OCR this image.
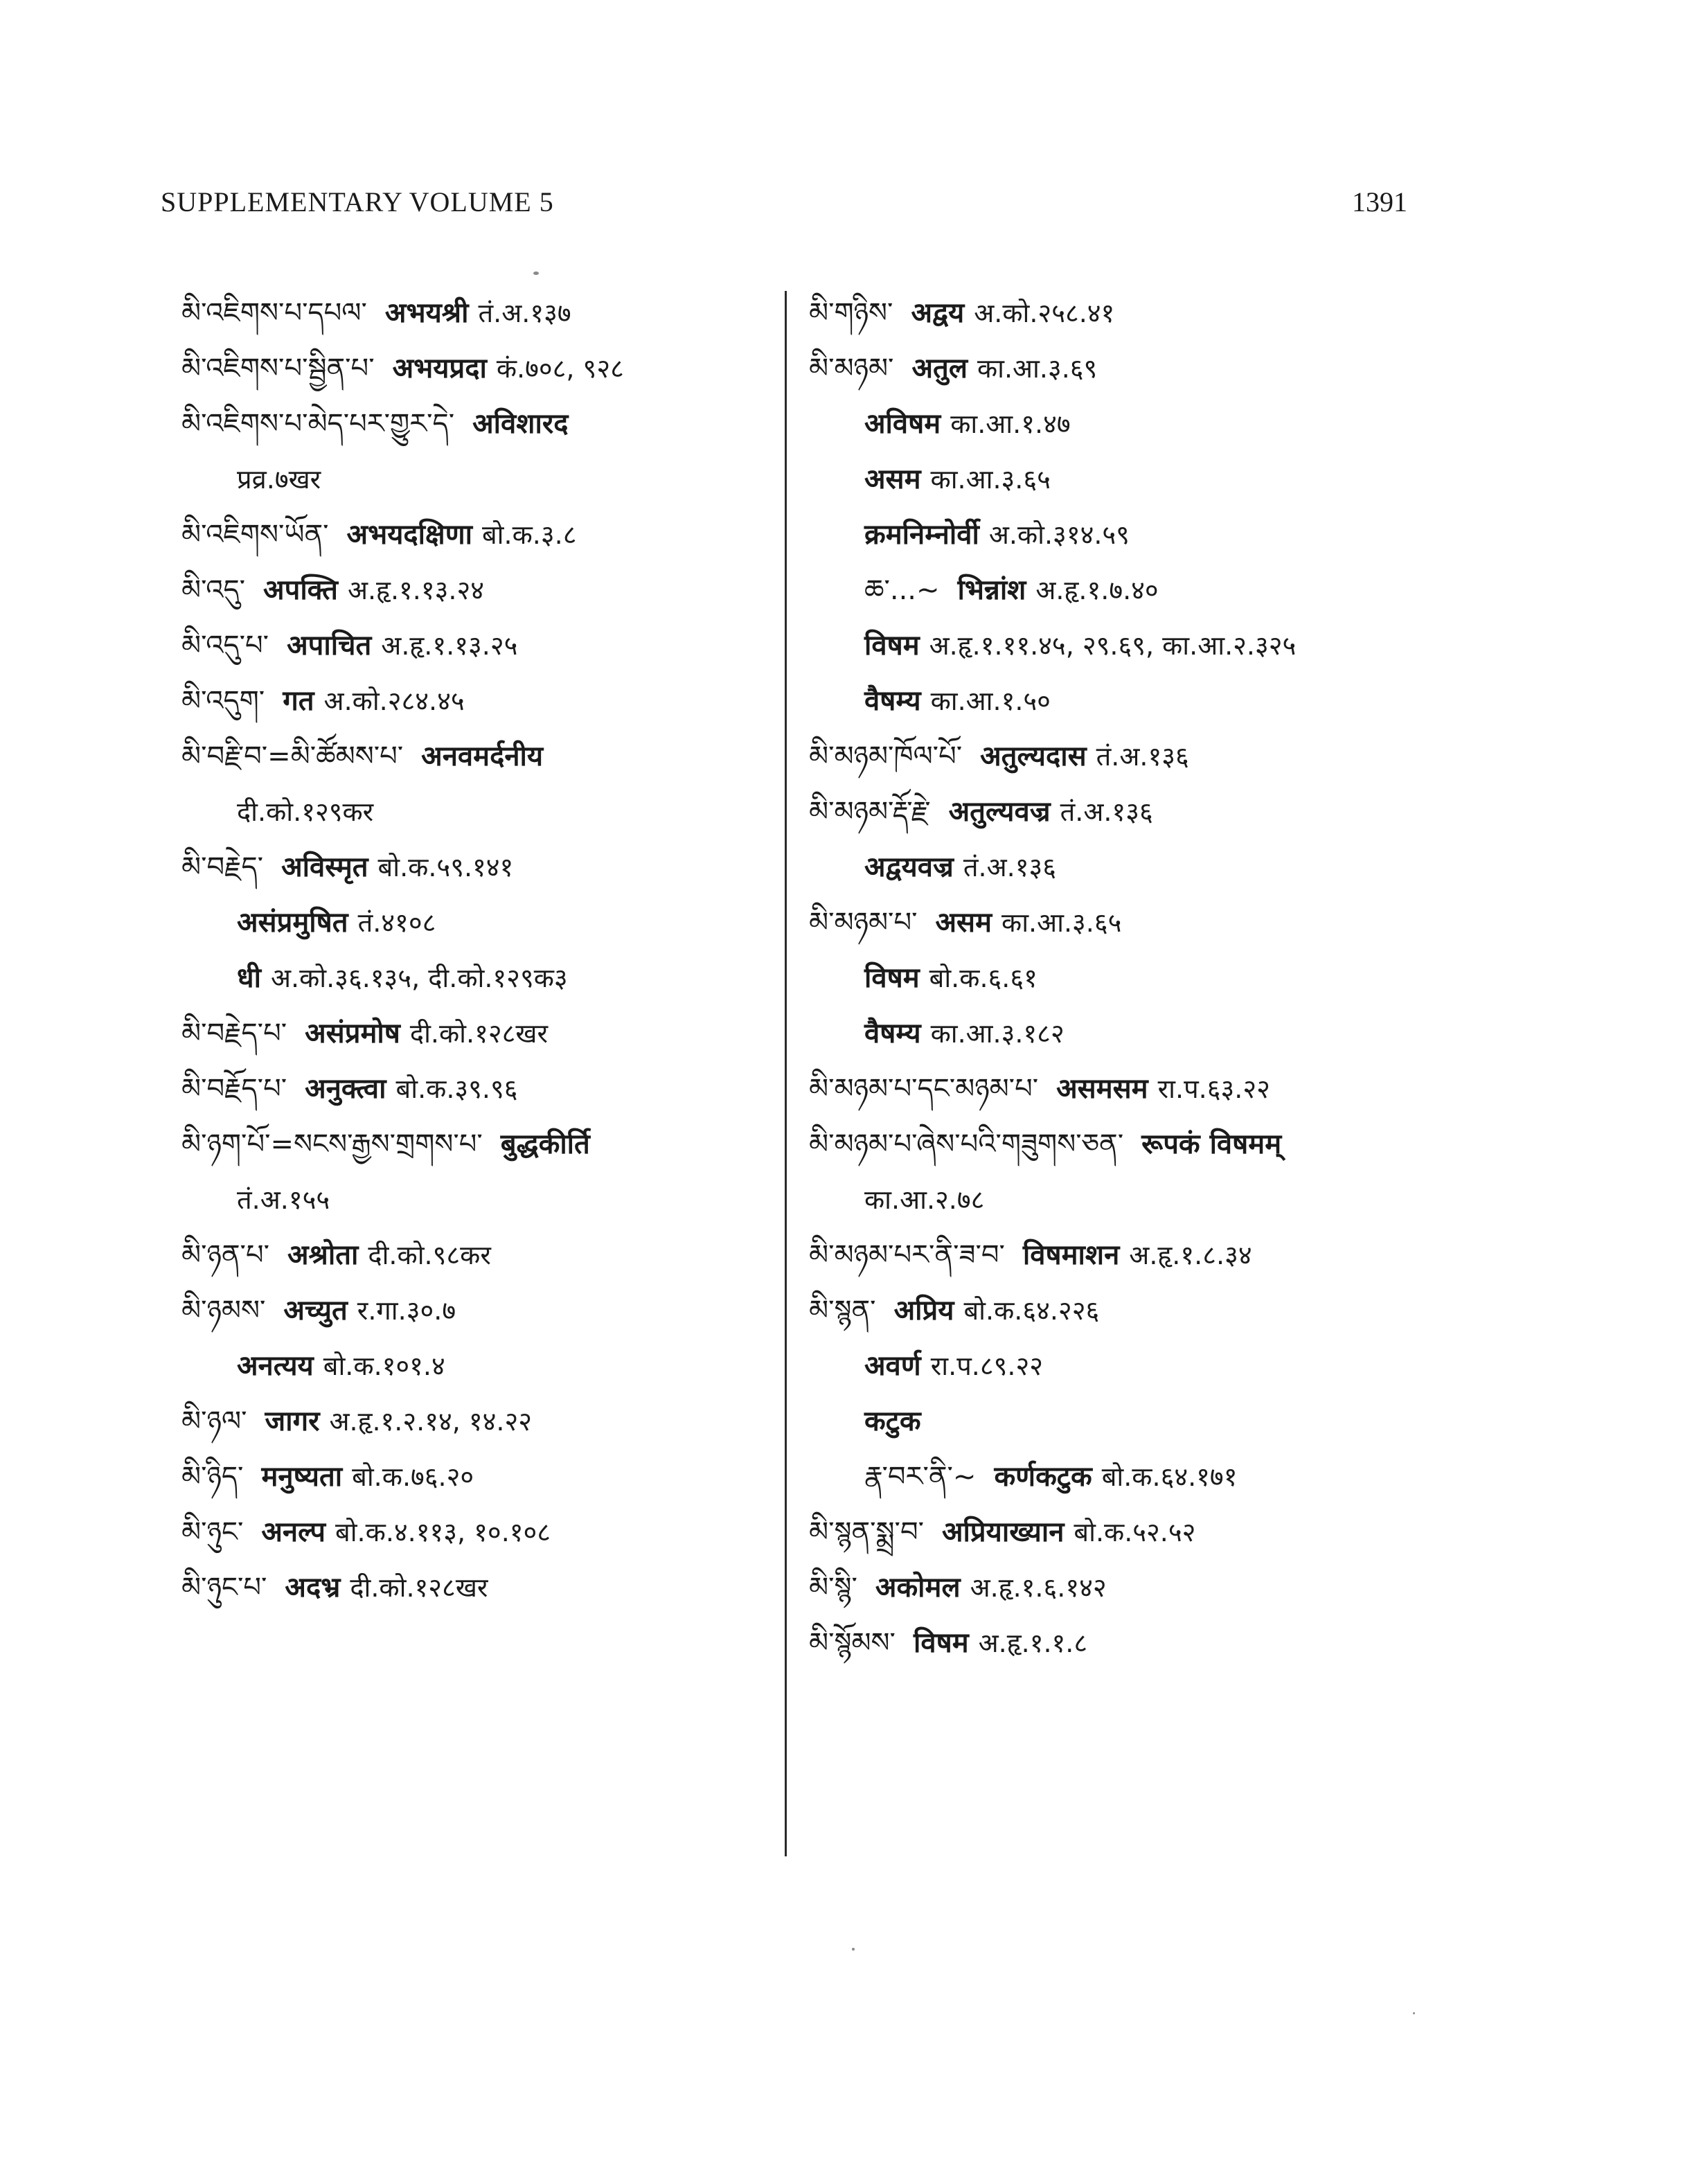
SUPPLEMENTARY VOLUME 5	1391
མི་འཇིགས་པ་དཔལ་ अभयश्री तं.अ.१३७
མི་འཇིགས་པ་སྦྱིན་པ་ अभयप्रदा कं.७०८, ९२८
མི་འཇིགས་པ་མེད་པར་གྱུར་དེ་ अविशारद
प्रव्र.७खर
མི་འཇིགས་ཡོན་ अभयदक्षिणा बो.क.३.८
མི་འདུ་ अपक्ति अ.हृ.१.१३.२४
མི་འདུ་པ་ अपाचित अ.हृ.१.१३.२५
མི་འདུག་ गत अ.को.२८४.४५
མི་བརྗི་བ་=མི་ཚོམས་པ་ अनवमर्दनीय
दी.को.१२९कर
མི་བརྗེད་ अविस्मृत बो.क.५९.१४१
असंप्रमुषित तं.४१०८
धी अ.को.३६.१३५, दी.को.१२९क३
མི་བརྗེད་པ་ असंप्रमोष दी.को.१२८खर
མི་བརྗོད་པ་ अनुक्त्वा बो.क.३९.९६
མི་ཉག་པོ་=སངས་རྒྱས་གྲགས་པ་ बुद्धकीर्ति
तं.अ.१५५
མི་ཉན་པ་ अश्रोता दी.को.९८कर
མི་ཉམས་ अच्युत र.गा.३०.७
अनत्यय बो.क.१०१.४
མི་ཉལ་ जागर अ.हृ.१.२.१४, १४.२२
མི་ཉིད་ मनुष्यता बो.क.७६.२०
མི་ཉུང་ अनल्प बो.क.४.११३, १०.१०८
མི་ཉུང་པ་ अदभ्र दी.को.१२८खर
མི་གཉིས་ अद्वय अ.को.२५८.४१
མི་མཉམ་ अतुल का.आ.३.६९
अविषम का.आ.१.४७
असम का.आ.३.६५
क्रमनिम्नोर्वी अ.को.३१४.५९
ཆ་...~ भिन्नांश अ.हृ.१.७.४०
विषम अ.हृ.१.११.४५, २९.६९, का.आ.२.३२५
वैषम्य का.आ.१.५०
མི་མཉམ་ཁོལ་པོ་ अतुल्यदास तं.अ.१३६
མི་མཉམ་རྡོ་རྗེ་ अतुल्यवज्र तं.अ.१३६
अद्वयवज्र तं.अ.१३६
མི་མཉམ་པ་ असम का.आ.३.६५
विषम बो.क.६.६१
वैषम्य का.आ.३.१८२
མི་མཉམ་པ་དང་མཉམ་པ་ असमसम रा.प.६३.२२
མི་མཉམ་པ་ཞེས་པའི་གཟུགས་ཅན་ रूपकं विषमम्
का.आ.२.७८
མི་མཉམ་པར་ནི་ཟ་བ་ विषमाशन अ.हृ.१.८.३४
མི་སྙན་ अप्रिय बो.क.६४.२२६
अवर्ण रा.प.८९.२२
कटुक
རྣ་བར་ནི་~ कर्णकटुक बो.क.६४.१७१
མི་སྙན་སྨྲ་བ་ अप्रियाख्यान बो.क.५२.५२
མི་སྙི་ अकोमल अ.हृ.१.६.१४२
མི་སྙོམས་ विषम अ.हृ.१.१.८
